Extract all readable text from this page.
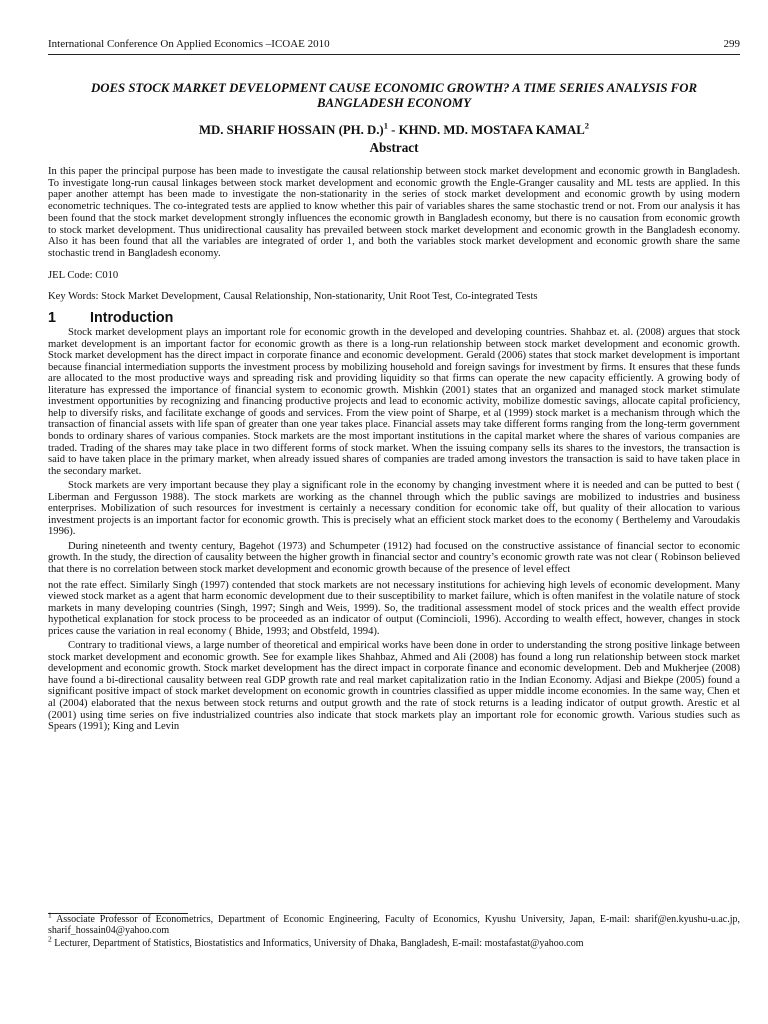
International Conference On Applied Economics –ICOAE 2010	299
DOES STOCK MARKET DEVELOPMENT CAUSE ECONOMIC GROWTH? A TIME SERIES ANALYSIS FOR BANGLADESH ECONOMY
MD. SHARIF HOSSAIN (PH. D.)$^1$ - KHND. MD. MOSTAFA KAMAL$^2$
Abstract
In this paper the principal purpose has been made to investigate the causal relationship between stock market development and economic growth in Bangladesh. To investigate long-run causal linkages between stock market development and economic growth the Engle-Granger causality and ML tests are applied. In this paper another attempt has been made to investigate the non-stationarity in the series of stock market development and economic growth by using modern econometric techniques. The co-integrated tests are applied to know whether this pair of variables shares the same stochastic trend or not. From our analysis it has been found that the stock market development strongly influences the economic growth in Bangladesh economy, but there is no causation from economic growth to stock market development. Thus unidirectional causality has prevailed between stock market development and economic growth in the Bangladesh economy. Also it has been found that all the variables are integrated of order 1, and both the variables stock market development and economic growth share the same stochastic trend in Bangladesh economy.
JEL Code: C010
Key Words: Stock Market Development, Causal Relationship, Non-stationarity, Unit Root Test, Co-integrated Tests
1	Introduction

Stock market development plays an important role for economic growth in the developed and developing countries. Shahbaz et. al. (2008) argues that stock market development is an important factor for economic growth as there is a long-run relationship between stock market development and economic growth. Stock market development has the direct impact in corporate finance and economic development. Gerald (2006) states that stock market development is important because financial intermediation supports the investment process by mobilizing household and foreign savings for investment by firms. It ensures that these funds are allocated to the most productive ways and spreading risk and providing liquidity so that firms can operate the new capacity efficiently. A growing body of literature has expressed the importance of financial system to economic growth. Mishkin (2001) states that an organized and managed stock market stimulate investment opportunities by recognizing and financing productive projects and lead to economic activity, mobilize domestic savings, allocate capital proficiency, help to diversify risks, and facilitate exchange of goods and services. From the view point of Sharpe, et al (1999) stock market is a mechanism through which the transaction of financial assets with life span of greater than one year takes place. Financial assets may take different forms ranging from the long-term government bonds to ordinary shares of various companies. Stock markets are the most important institutions in the capital market where the shares of various companies are traded. Trading of the shares may take place in two different forms of stock market. When the issuing company sells its shares to the investors, the transaction is said to have taken place in the primary market, when already issued shares of companies are traded among investors the transaction is said to have taken place in the secondary market.

Stock markets are very important because they play a significant role in the economy by changing investment where it is needed and can be putted to best ( Liberman and Fergusson 1988). The stock markets are working as the channel through which the public savings are mobilized to industries and business enterprises. Mobilization of such resources for investment is certainly a necessary condition for economic take off, but quality of their allocation to various investment projects is an important factor for economic growth. This is precisely what an efficient stock market does to the economy ( Berthelemy and Varoudakis 1996).

During nineteenth and twenty century, Bagehot (1973) and Schumpeter (1912) had focused on the constructive assistance of financial sector to economic growth. In the study, the direction of causality between the higher growth in financial sector and country’s economic growth rate was not clear ( Robinson believed that there is no correlation between stock market development and economic growth because of the presence of level effect

not the rate effect. Similarly Singh (1997) contended that stock markets are not necessary institutions for achieving high levels of economic development. Many viewed stock market as a agent that harm economic development due to their susceptibility to market failure, which is often manifest in the volatile nature of stock markets in many developing countries (Singh, 1997; Singh and Weis, 1999). So, the traditional assessment model of stock prices and the wealth effect provide hypothetical explanation for stock process to be proceeded as an indicator of output (Comincioli, 1996). According to wealth effect, however, changes in stock prices cause the variation in real economy ( Bhide, 1993; and Obstfeld, 1994).

Contrary to traditional views, a large number of theoretical and empirical works have been done in order to understanding the strong positive linkage between stock market development and economic growth. See for example likes Shahbaz, Ahmed and Ali (2008) has found a long run relationship between stock market development and economic growth. Stock market development has the direct impact in corporate finance and economic development. Deb and Mukherjee (2008) have found a bi-directional causality between real GDP growth rate and real market capitalization ratio in the Indian Economy. Adjasi and Biekpe (2005) found a significant positive impact of stock market development on economic growth in countries classified as upper middle income economies. In the same way, Chen et al (2004) elaborated that the nexus between stock returns and output growth and the rate of stock returns is a leading indicator of output growth. Arestic et al (2001) using time series on five industrialized countries also indicate that stock markets play an important role for economic growth. Various studies such as Spears (1991); King and Levin

$^1$ Associate Professor of Econometrics, Department of Economic Engineering, Faculty of Economics, Kyushu University, Japan, E-mail: sharif@en.kyushu-u.ac.jp, sharif_hossain04@yahoo.com
$^2$ Lecturer, Department of Statistics, Biostatistics and Informatics, University of Dhaka, Bangladesh, E-mail: mostafastat@yahoo.com
